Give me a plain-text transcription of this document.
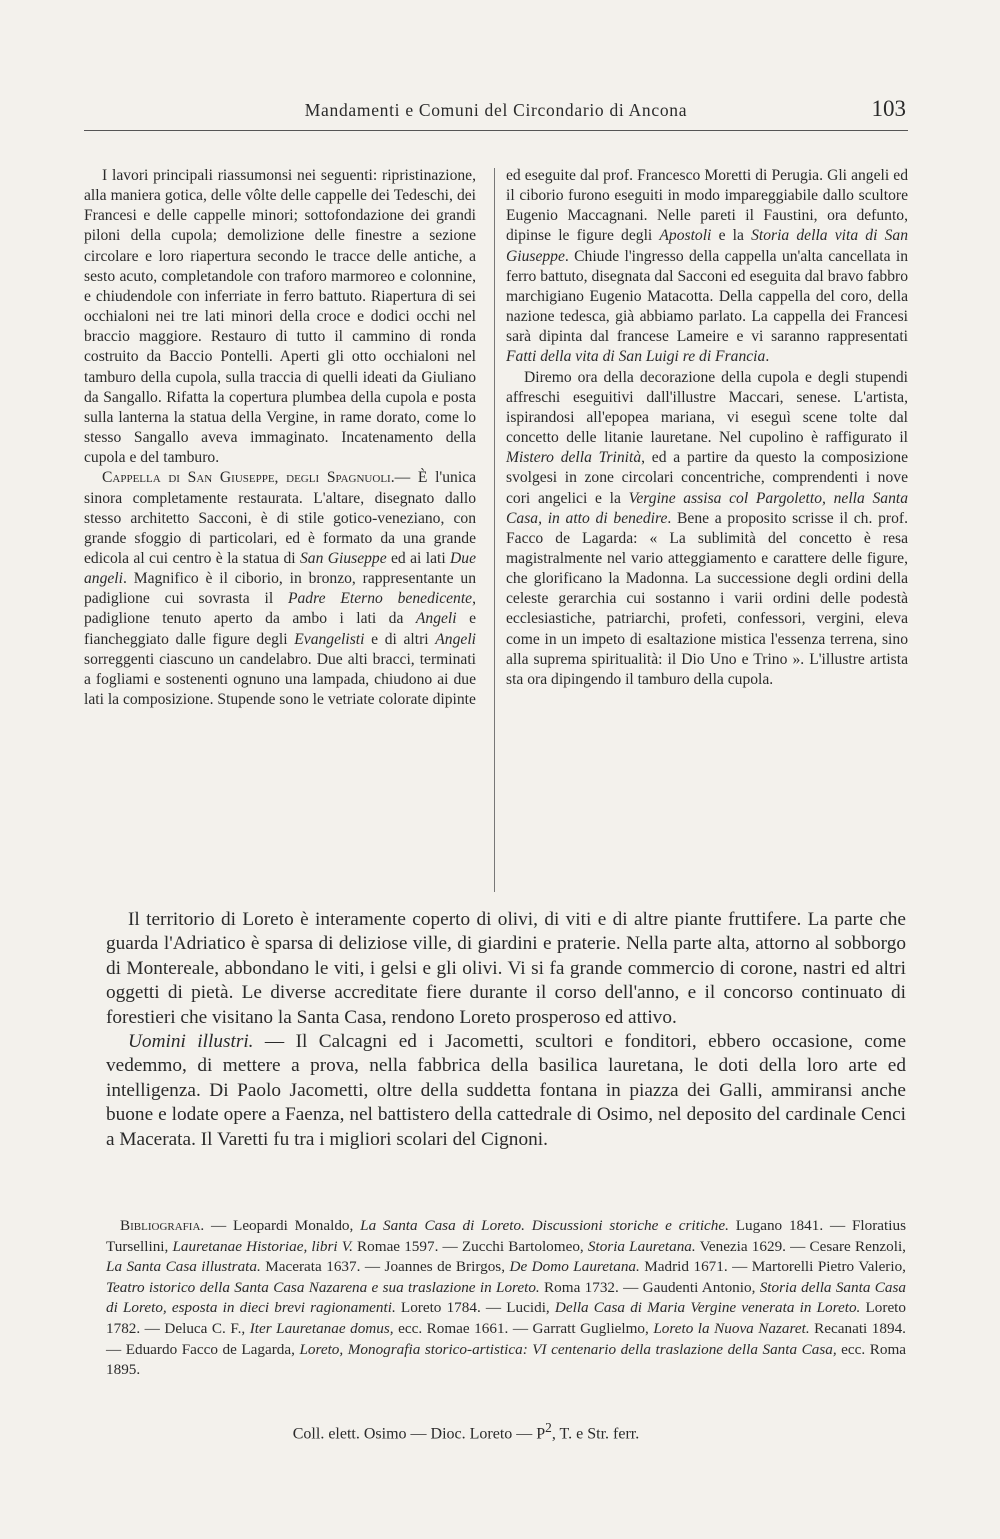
Mandamenti e Comuni del Circondario di Ancona	103

I lavori principali riassumonsi nei seguenti: ripristinazione, alla maniera gotica, delle vôlte delle cappelle dei Tedeschi, dei Francesi e delle cappelle minori; sottofondazione dei grandi piloni della cupola; demolizione delle finestre a sezione circolare e loro riapertura secondo le tracce delle antiche, a sesto acuto, completandole con traforo marmoreo e colonnine, e chiudendole con inferriate in ferro battuto. Riapertura di sei occhialoni nei tre lati minori della croce e dodici occhi nel braccio maggiore. Restauro di tutto il cammino di ronda costruito da Baccio Pontelli. Aperti gli otto occhialoni nel tamburo della cupola, sulla traccia di quelli ideati da Giuliano da Sangallo. Rifatta la copertura plumbea della cupola e posta sulla lanterna la statua della Vergine, in rame dorato, come lo stesso Sangallo aveva immaginato. Incatenamento della cupola e del tamburo.

Cappella di San Giuseppe, degli Spagnuoli.— È l'unica sinora completamente restaurata. L'altare, disegnato dallo stesso architetto Sacconi, è di stile gotico-veneziano, con grande sfoggio di particolari, ed è formato da una grande edicola al cui centro è la statua di San Giuseppe ed ai lati Due angeli. Magnifico è il ciborio, in bronzo, rappresentante un padiglione cui sovrasta il Padre Eterno benedicente, padiglione tenuto aperto da ambo i lati da Angeli e fiancheggiato dalle figure degli Evangelisti e di altri Angeli sorreggenti ciascuno un candelabro. Due alti bracci, terminati a fogliami e sostenenti ognuno una lampada, chiudono ai due lati la composizione. Stupende sono le vetriate colorate dipinte

ed eseguite dal prof. Francesco Moretti di Perugia. Gli angeli ed il ciborio furono eseguiti in modo impareggiabile dallo scultore Eugenio Maccagnani. Nelle pareti il Faustini, ora defunto, dipinse le figure degli Apostoli e la Storia della vita di San Giuseppe. Chiude l'ingresso della cappella un'alta cancellata in ferro battuto, disegnata dal Sacconi ed eseguita dal bravo fabbro marchigiano Eugenio Matacotta. Della cappella del coro, della nazione tedesca, già abbiamo parlato. La cappella dei Francesi sarà dipinta dal francese Lameire e vi saranno rappresentati Fatti della vita di San Luigi re di Francia.

Diremo ora della decorazione della cupola e degli stupendi affreschi eseguitivi dall'illustre Maccari, senese. L'artista, ispirandosi all'epopea mariana, vi eseguì scene tolte dal concetto delle litanie lauretane. Nel cupolino è raffigurato il Mistero della Trinità, ed a partire da questo la composizione svolgesi in zone circolari concentriche, comprendenti i nove cori angelici e la Vergine assisa col Pargoletto, nella Santa Casa, in atto di benedire. Bene a proposito scrisse il ch. prof. Facco de Lagarda: « La sublimità del concetto è resa magistralmente nel vario atteggiamento e carattere delle figure, che glorificano la Madonna. La successione degli ordini della celeste gerarchia cui sostanno i varii ordini delle podestà ecclesiastiche, patriarchi, profeti, confessori, vergini, eleva come in un impeto di esaltazione mistica l'essenza terrena, sino alla suprema spiritualità: il Dio Uno e Trino ». L'illustre artista sta ora dipingendo il tamburo della cupola.

Il territorio di Loreto è interamente coperto di olivi, di viti e di altre piante fruttifere. La parte che guarda l'Adriatico è sparsa di deliziose ville, di giardini e praterie. Nella parte alta, attorno al sobborgo di Montereale, abbondano le viti, i gelsi e gli olivi. Vi si fa grande commercio di corone, nastri ed altri oggetti di pietà. Le diverse accreditate fiere durante il corso dell'anno, e il concorso continuato di forestieri che visitano la Santa Casa, rendono Loreto prosperoso ed attivo.

Uomini illustri. — Il Calcagni ed i Jacometti, scultori e fonditori, ebbero occasione, come vedemmo, di mettere a prova, nella fabbrica della basilica lauretana, le doti della loro arte ed intelligenza. Di Paolo Jacometti, oltre della suddetta fontana in piazza dei Galli, ammiransi anche buone e lodate opere a Faenza, nel battistero della cattedrale di Osimo, nel deposito del cardinale Cenci a Macerata. Il Varetti fu tra i migliori scolari del Cignoni.

Bibliografia. — Leopardi Monaldo, La Santa Casa di Loreto. Discussioni storiche e critiche. Lugano 1841. — Floratius Tursellini, Lauretanae Historiae, libri V. Romae 1597. — Zucchi Bartolomeo, Storia Lauretana. Venezia 1629. — Cesare Renzoli, La Santa Casa illustrata. Macerata 1637. — Joannes de Brirgos, De Domo Lauretana. Madrid 1671. — Martorelli Pietro Valerio, Teatro istorico della Santa Casa Nazarena e sua traslazione in Loreto. Roma 1732. — Gaudenti Antonio, Storia della Santa Casa di Loreto, esposta in dieci brevi ragionamenti. Loreto 1784. — Lucidi, Della Casa di Maria Vergine venerata in Loreto. Loreto 1782. — Deluca C. F., Iter Lauretanae domus, ecc. Romae 1661. — Garratt Guglielmo, Loreto la Nuova Nazaret. Recanati 1894. — Eduardo Facco de Lagarda, Loreto, Monografia storico-artistica: VI centenario della traslazione della Santa Casa, ecc. Roma 1895.

Coll. elett. Osimo — Dioc. Loreto — $P^2$, T. e Str. ferr.
